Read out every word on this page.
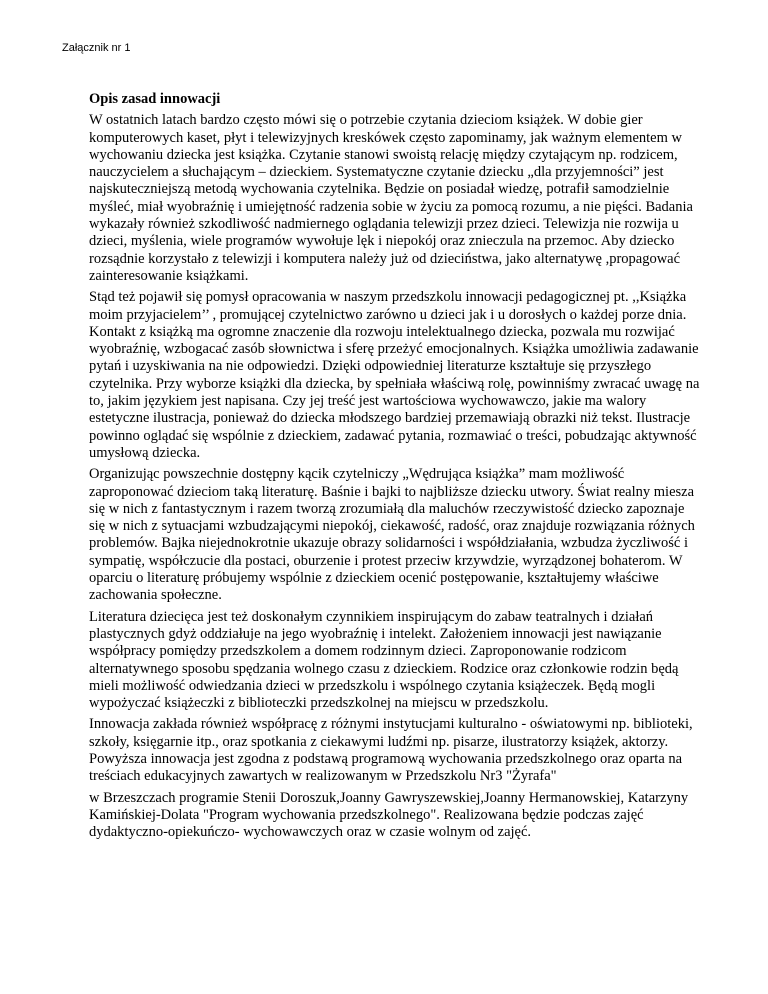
Załącznik nr 1
Opis zasad innowacji

W ostatnich latach bardzo często mówi się o potrzebie czytania dzieciom książek. W dobie gier komputerowych kaset, płyt i telewizyjnych kreskówek często zapominamy, jak ważnym elementem w wychowaniu dziecka jest książka. Czytanie stanowi swoistą relację między czytającym np. rodzicem, nauczycielem a słuchającym – dzieckiem. Systematyczne czytanie dziecku „dla przyjemności” jest najskuteczniejszą metodą wychowania czytelnika. Będzie on posiadał wiedzę, potrafił samodzielnie myśleć, miał wyobraźnię i umiejętność radzenia sobie w życiu za pomocą rozumu, a nie pięści. Badania wykazały również szkodliwość nadmiernego oglądania telewizji przez dzieci. Telewizja nie rozwija u dzieci, myślenia, wiele programów wywołuje lęk i niepokój oraz znieczula na przemoc. Aby dziecko rozsądnie korzystało z telewizji i komputera należy już od dzieciństwa, jako alternatywę ,propagować zainteresowanie książkami.

Stąd też pojawił się pomysł opracowania w naszym przedszkolu innowacji pedagogicznej pt. ,,Książka moim przyjacielem’’ , promującej czytelnictwo zarówno u dzieci jak i u dorosłych o każdej porze dnia. Kontakt z książką ma ogromne znaczenie dla rozwoju intelektualnego dziecka, pozwala mu rozwijać wyobraźnię, wzbogacać zasób słownictwa i sferę przeżyć emocjonalnych. Książka umożliwia zadawanie pytań i uzyskiwania na nie odpowiedzi. Dzięki odpowiedniej literaturze kształtuje się przyszłego czytelnika. Przy wyborze książki dla dziecka, by spełniała właściwą rolę, powinniśmy zwracać uwagę na to, jakim językiem jest napisana. Czy jej treść jest wartościowa wychowawczo, jakie ma walory estetyczne ilustracja, ponieważ do dziecka młodszego bardziej przemawiają obrazki niż tekst. Ilustracje powinno oglądać się wspólnie z dzieckiem, zadawać pytania, rozmawiać o treści, pobudzając aktywność umysłową dziecka.

Organizując powszechnie dostępny kącik czytelniczy „Wędrująca książka” mam możliwość zaproponować dzieciom taką literaturę. Baśnie i bajki to najbliższe dziecku utwory. Świat realny miesza się w nich z fantastycznym i razem tworzą zrozumiałą dla maluchów rzeczywistość dziecko zapoznaje się w nich z sytuacjami wzbudzającymi niepokój, ciekawość, radość, oraz znajduje rozwiązania różnych problemów. Bajka niejednokrotnie ukazuje obrazy solidarności i współdziałania, wzbudza życzliwość i sympatię, współczucie dla postaci, oburzenie i protest przeciw krzywdzie, wyrządzonej bohaterom. W oparciu o literaturę próbujemy wspólnie z dzieckiem ocenić postępowanie, kształtujemy właściwe zachowania społeczne.

Literatura dziecięca jest też doskonałym czynnikiem inspirującym do zabaw teatralnych i działań plastycznych gdyż oddziałuje na jego wyobraźnię i intelekt. Założeniem innowacji jest nawiązanie współpracy pomiędzy przedszkolem a domem rodzinnym dzieci. Zaproponowanie rodzicom alternatywnego sposobu spędzania wolnego czasu z dzieckiem. Rodzice oraz członkowie rodzin będą mieli możliwość odwiedzania dzieci w przedszkolu i wspólnego czytania książeczek. Będą mogli wypożyczać książeczki z biblioteczki przedszkolnej na miejscu w przedszkolu.

Innowacja zakłada również współpracę z różnymi instytucjami kulturalno - oświatowymi np. biblioteki, szkoły, księgarnie itp., oraz spotkania z ciekawymi ludźmi np. pisarze, ilustratorzy książek, aktorzy. Powyższa innowacja jest zgodna z podstawą programową wychowania przedszkolnego oraz oparta na treściach edukacyjnych zawartych w realizowanym w Przedszkolu Nr3 "Żyrafa"

w Brzeszczach programie Stenii Doroszuk,Joanny Gawryszewskiej,Joanny Hermanowskiej, Katarzyny Kamińskiej-Dolata "Program wychowania przedszkolnego". Realizowana będzie podczas zajęć dydaktyczno-opiekuńczo- wychowawczych oraz w czasie wolnym od zajęć.
